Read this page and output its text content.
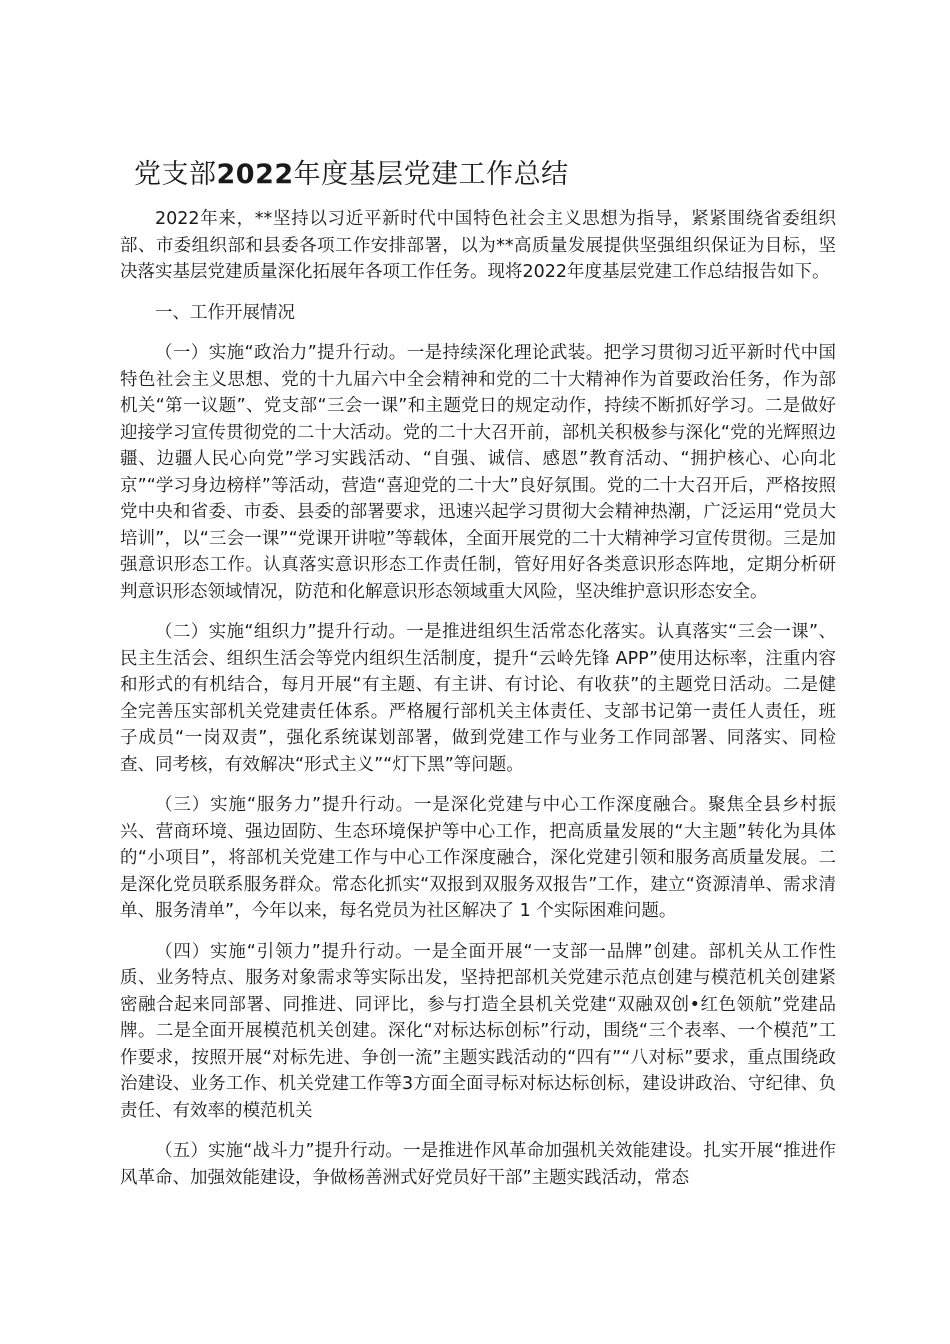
党支部2022年度基层党建工作总结

2022年来，**坚持以习近平新时代中国特色社会主义思想为指导，紧紧围绕省委组织部、市委组织部和县委各项工作安排部署，以为**高质量发展提供坚强组织保证为目标，坚决落实基层党建质量深化拓展年各项工作任务。现将2022年度基层党建工作总结报告如下。

一、工作开展情况

（一）实施“政治力”提升行动。一是持续深化理论武装。把学习贯彻习近平新时代中国特色社会主义思想、党的十九届六中全会精神和党的二十大精神作为首要政治任务，作为部机关“第一议题”、党支部“三会一课”和主题党日的规定动作，持续不断抓好学习。二是做好迎接学习宣传贯彻党的二十大活动。党的二十大召开前，部机关积极参与深化“党的光辉照边疆、边疆人民心向党”学习实践活动、“自强、诚信、感恩”教育活动、“拥护核心、心向北京”“学习身边榜样”等活动，营造“喜迎党的二十大”良好氛围。党的二十大召开后，严格按照党中央和省委、市委、县委的部署要求，迅速兴起学习贯彻大会精神热潮，广泛运用“党员大培训”，以“三会一课”“党课开讲啦”等载体，全面开展党的二十大精神学习宣传贯彻。三是加强意识形态工作。认真落实意识形态工作责任制，管好用好各类意识形态阵地，定期分析研判意识形态领域情况，防范和化解意识形态领域重大风险，坚决维护意识形态安全。

（二）实施“组织力”提升行动。一是推进组织生活常态化落实。认真落实“三会一课”、民主生活会、组织生活会等党内组织生活制度，提升“云岭先锋 APP”使用达标率，注重内容和形式的有机结合，每月开展“有主题、有主讲、有讨论、有收获”的主题党日活动。二是健全完善压实部机关党建责任体系。严格履行部机关主体责任、支部书记第一责任人责任，班子成员“一岗双责”，强化系统谋划部署，做到党建工作与业务工作同部署、同落实、同检查、同考核，有效解决“形式主义”“灯下黑”等问题。

（三）实施“服务力”提升行动。一是深化党建与中心工作深度融合。聚焦全县乡村振兴、营商环境、强边固防、生态环境保护等中心工作，把高质量发展的“大主题”转化为具体的“小项目”，将部机关党建工作与中心工作深度融合，深化党建引领和服务高质量发展。二是深化党员联系服务群众。常态化抓实“双报到双服务双报告”工作，建立“资源清单、需求清单、服务清单”，今年以来，每名党员为社区解决了 1 个实际困难问题。

（四）实施“引领力”提升行动。一是全面开展“一支部一品牌”创建。部机关从工作性质、业务特点、服务对象需求等实际出发，坚持把部机关党建示范点创建与模范机关创建紧密融合起来同部署、同推进、同评比，参与打造全县机关党建“双融双创•红色领航”党建品牌。二是全面开展模范机关创建。深化“对标达标创标”行动，围绕“三个表率、一个模范”工作要求，按照开展“对标先进、争创一流”主题实践活动的“四有”“八对标”要求，重点围绕政治建设、业务工作、机关党建工作等3方面全面寻标对标达标创标，建设讲政治、守纪律、负责任、有效率的模范机关

（五）实施“战斗力”提升行动。一是推进作风革命加强机关效能建设。扎实开展“推进作风革命、加强效能建设，争做杨善洲式好党员好干部”主题实践活动，常态
